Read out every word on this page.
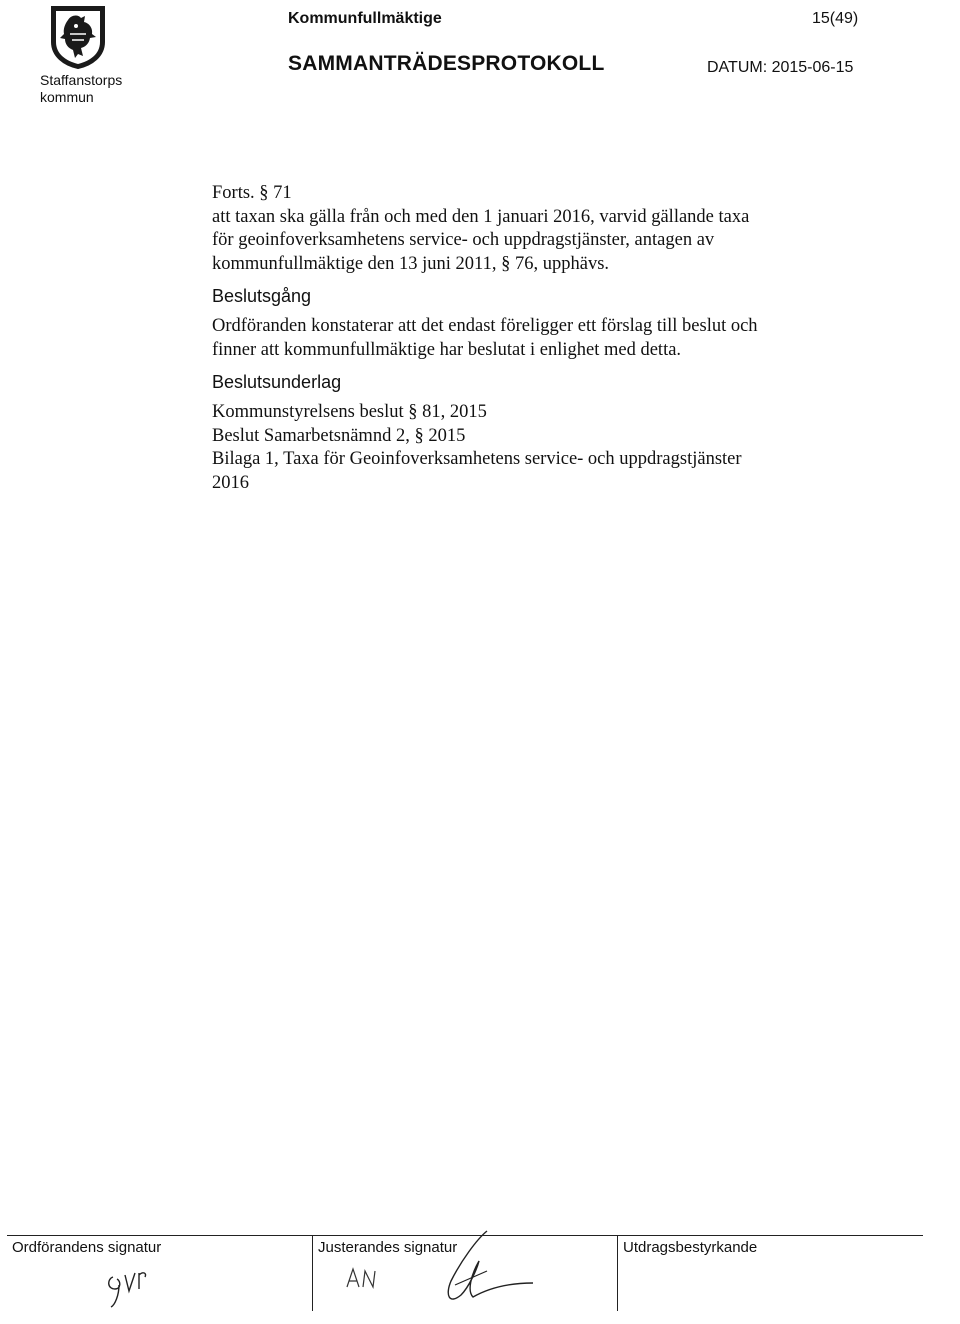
Staffanstorps
kommun
Kommunfullmäktige	15(49)
SAMMANTRÄDESPROTOKOLL	DATUM: 2015-06-15

Forts. § 71

att taxan ska gälla från och med den 1 januari 2016, varvid gällande taxa

för geoinfoverksamhetens service- och uppdragstjänster, antagen av

kommunfullmäktige den 13 juni 2011, § 76, upphävs.

Beslutsgång

Ordföranden konstaterar att det endast föreligger ett förslag till beslut och

finner att kommunfullmäktige har beslutat i enlighet med detta.

Beslutsunderlag

Kommunstyrelsens beslut § 81, 2015

Beslut Samarbetsnämnd 2, § 2015

Bilaga 1, Taxa för Geoinfoverksamhetens service- och uppdragstjänster

2016

Ordförandens signatur	Justerandes signatur	Utdragsbestyrkande
